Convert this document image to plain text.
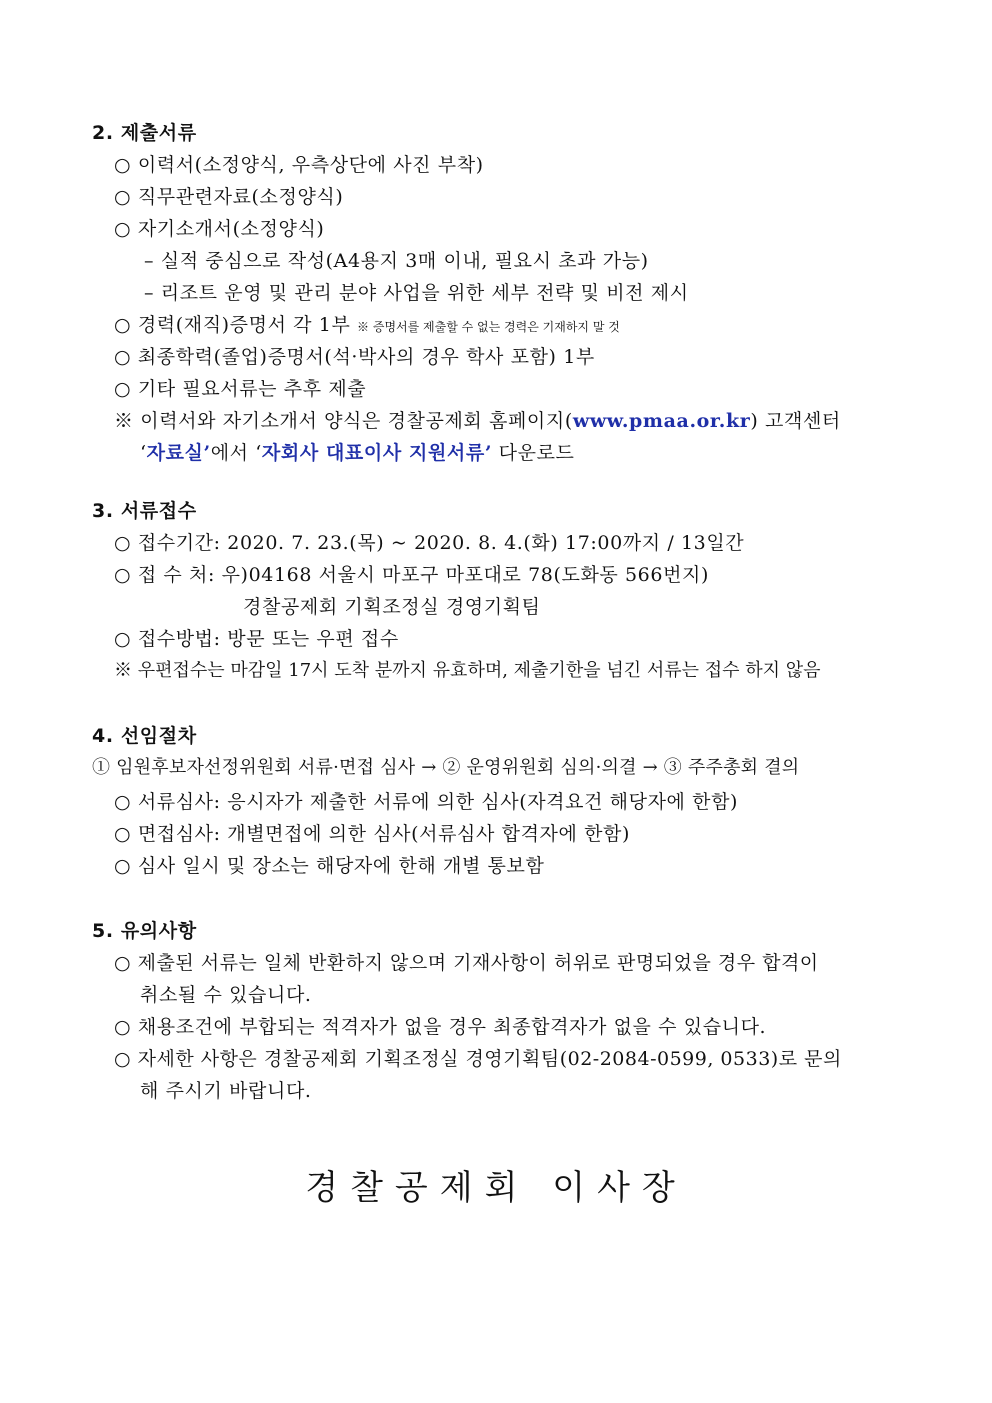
2. 제출서류
○ 이력서(소정양식, 우측상단에 사진 부착)
○ 직무관련자료(소정양식)
○ 자기소개서(소정양식)
– 실적 중심으로 작성(A4용지 3매 이내, 필요시 초과 가능)
– 리조트 운영 및 관리 분야 사업을 위한 세부 전략 및 비전 제시
○ 경력(재직)증명서 각 1부 ※ 증명서를 제출할 수 없는 경력은 기재하지 말 것
○ 최종학력(졸업)증명서(석·박사의 경우 학사 포함) 1부
○ 기타 필요서류는 추후 제출
※ 이력서와 자기소개서 양식은 경찰공제회 홈페이지(www.pmaa.or.kr) 고객센터
‘자료실’에서 ‘자회사 대표이사 지원서류’ 다운로드
3. 서류접수
○ 접수기간: 2020. 7. 23.(목) ~ 2020. 8. 4.(화) 17:00까지 / 13일간
○ 접 수 처: 우)04168 서울시 마포구 마포대로 78(도화동 566번지)
경찰공제회 기획조정실 경영기획팀
○ 접수방법: 방문 또는 우편 접수
※ 우편접수는 마감일 17시 도착 분까지 유효하며, 제출기한을 넘긴 서류는 접수 하지 않음
4. 선임절차
① 임원후보자선정위원회 서류·면접 심사 → ② 운영위원회 심의·의결 → ③ 주주총회 결의
○ 서류심사: 응시자가 제출한 서류에 의한 심사(자격요건 해당자에 한함)
○ 면접심사: 개별면접에 의한 심사(서류심사 합격자에 한함)
○ 심사 일시 및 장소는 해당자에 한해 개별 통보함
5. 유의사항
○ 제출된 서류는 일체 반환하지 않으며 기재사항이 허위로 판명되었을 경우 합격이
취소될 수 있습니다.
○ 채용조건에 부합되는 적격자가 없을 경우 최종합격자가 없을 수 있습니다.
○ 자세한 사항은 경찰공제회 기획조정실 경영기획팀(02-2084-0599, 0533)로 문의
해 주시기 바랍니다.
경찰공제회 이사장
